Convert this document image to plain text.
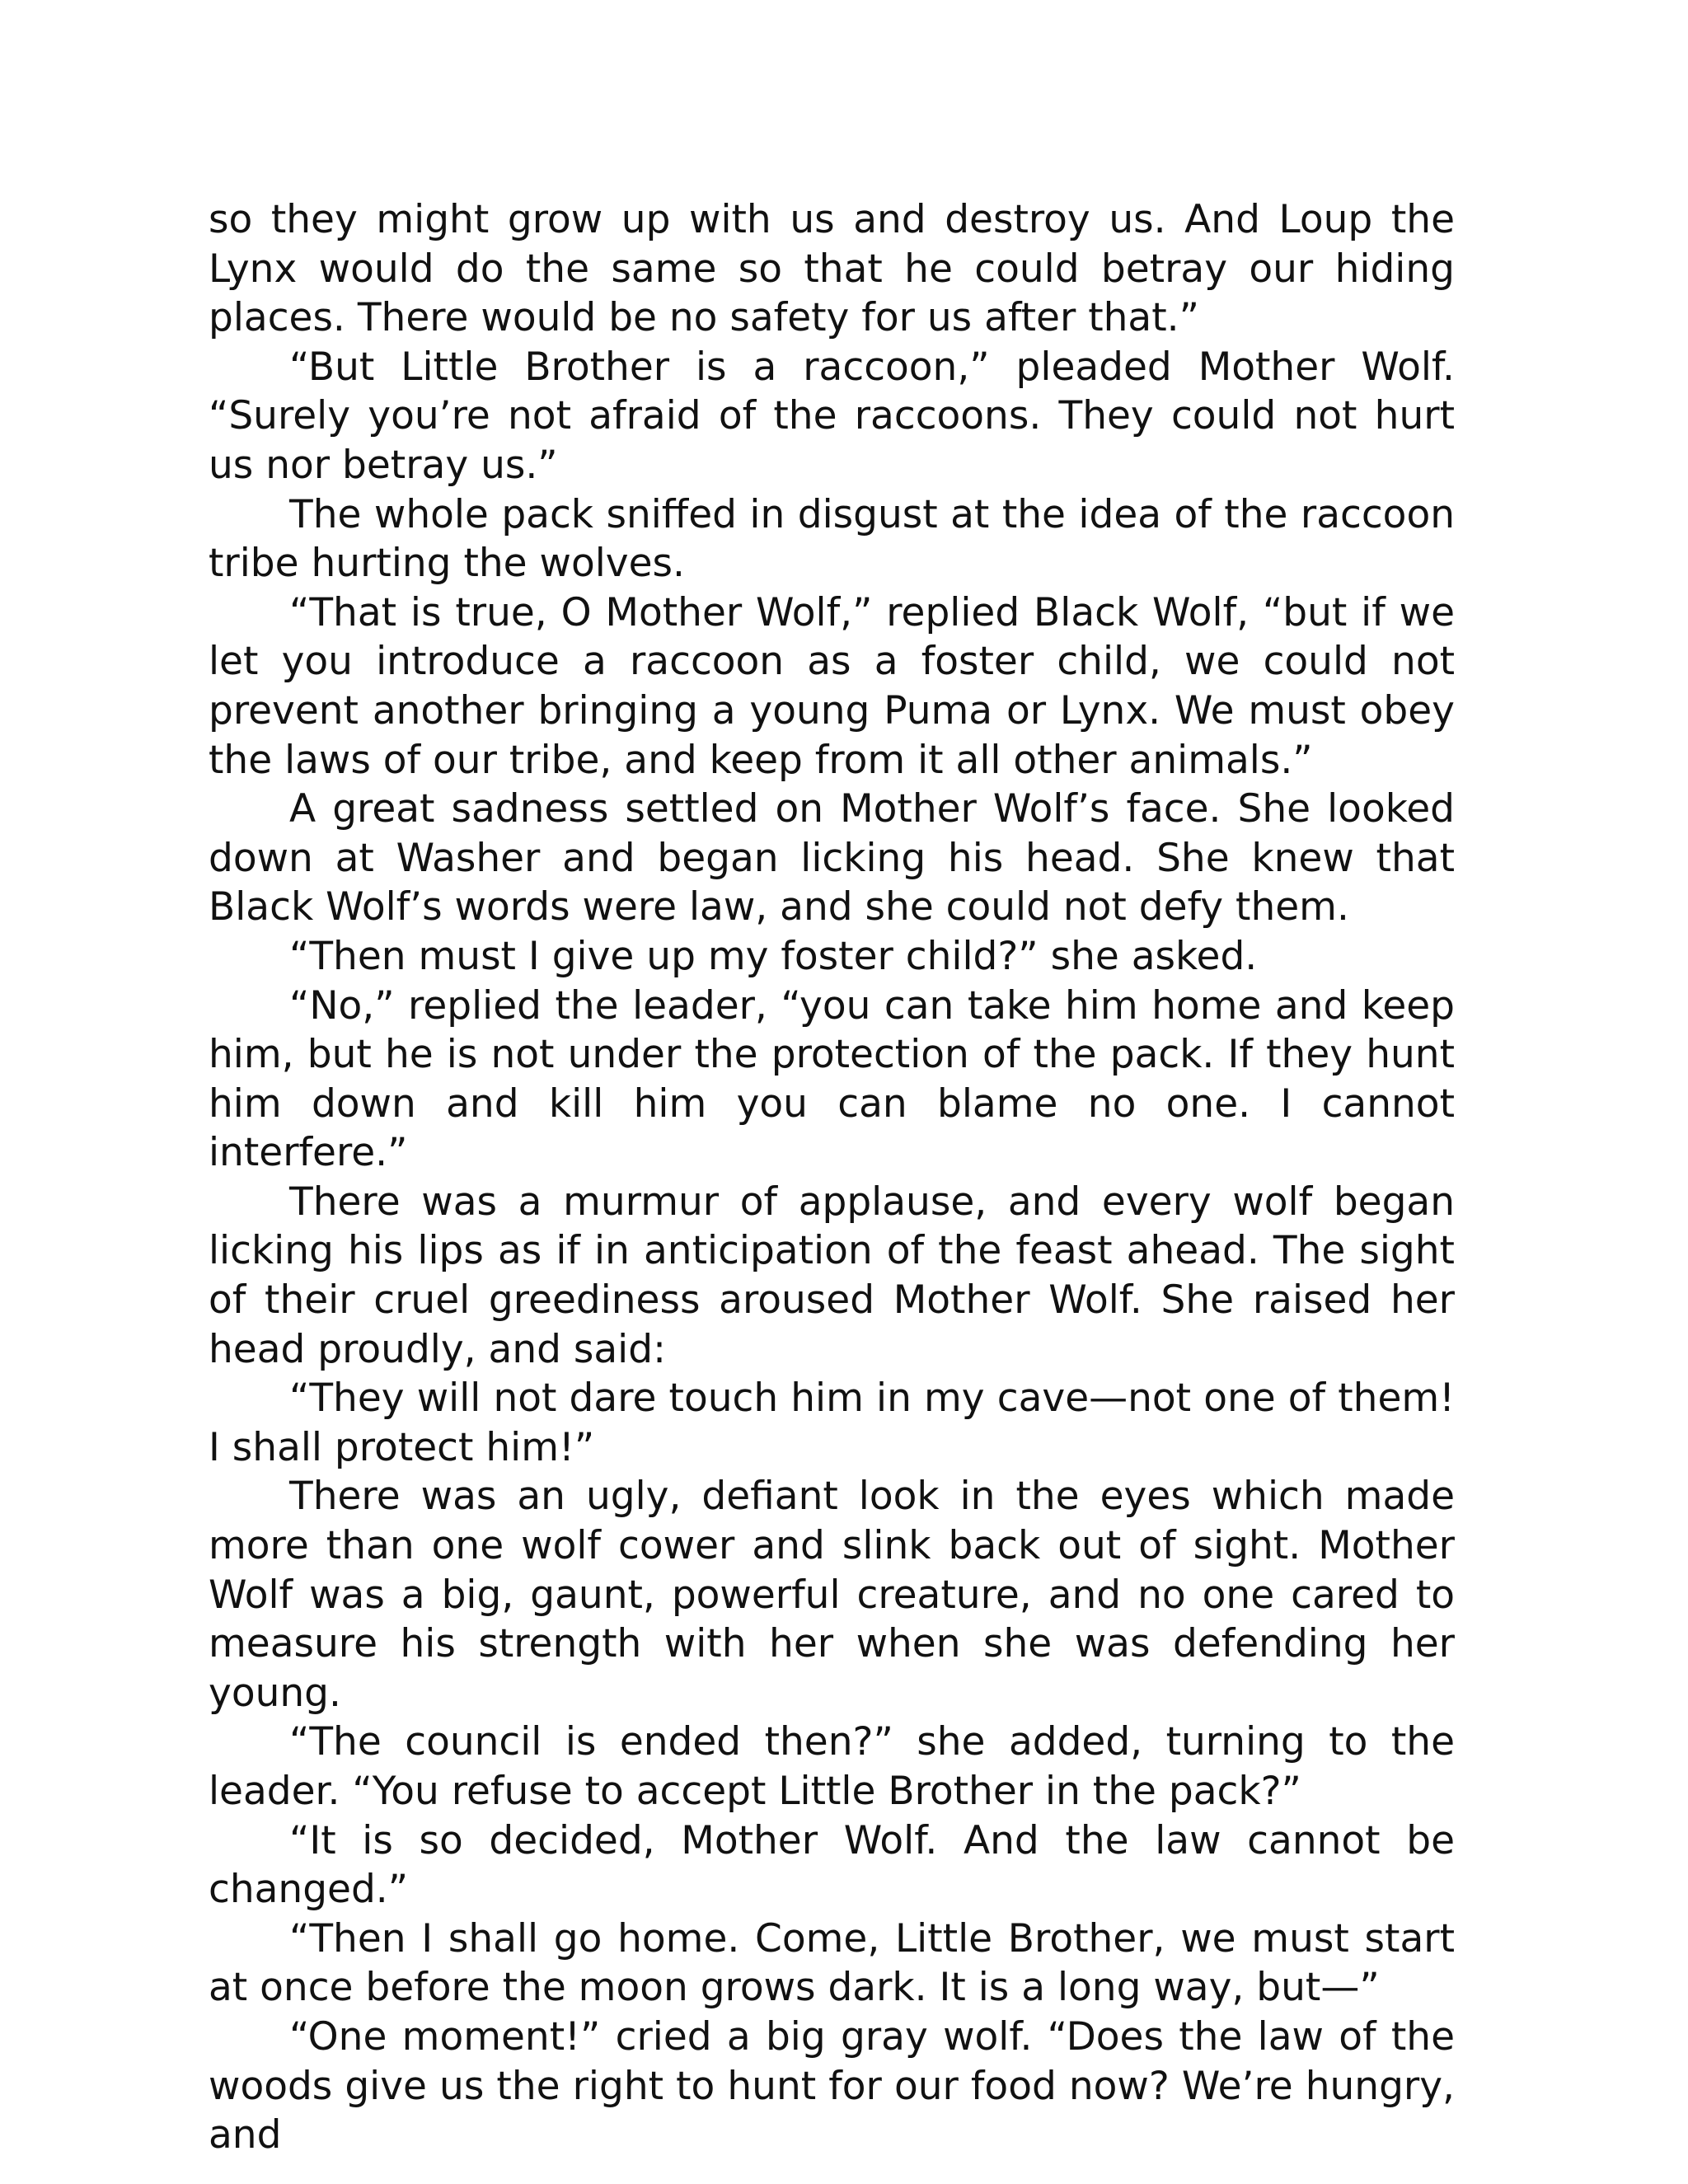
so they might grow up with us and destroy us. And Loup the Lynx would do the same so that he could betray our hiding places. There would be no safety for us after that.”

“But Little Brother is a raccoon,” pleaded Mother Wolf. “Surely you’re not afraid of the raccoons. They could not hurt us nor betray us.”

The whole pack sniffed in disgust at the idea of the raccoon tribe hurting the wolves.

“That is true, O Mother Wolf,” replied Black Wolf, “but if we let you introduce a raccoon as a foster child, we could not prevent another bringing a young Puma or Lynx. We must obey the laws of our tribe, and keep from it all other animals.”

A great sadness settled on Mother Wolf’s face. She looked down at Washer and began licking his head. She knew that Black Wolf’s words were law, and she could not defy them.

“Then must I give up my foster child?” she asked.

“No,” replied the leader, “you can take him home and keep him, but he is not under the protection of the pack. If they hunt him down and kill him you can blame no one. I cannot interfere.”

There was a murmur of applause, and every wolf began licking his lips as if in anticipation of the feast ahead. The sight of their cruel greediness aroused Mother Wolf. She raised her head proudly, and said:

“They will not dare touch him in my cave—not one of them! I shall protect him!”

There was an ugly, defiant look in the eyes which made more than one wolf cower and slink back out of sight. Mother Wolf was a big, gaunt, powerful creature, and no one cared to measure his strength with her when she was defending her young.

“The council is ended then?” she added, turning to the leader. “You refuse to accept Little Brother in the pack?”

“It is so decided, Mother Wolf. And the law cannot be changed.”

“Then I shall go home. Come, Little Brother, we must start at once before the moon grows dark. It is a long way, but—”

“One moment!” cried a big gray wolf. “Does the law of the woods give us the right to hunt for our food now? We’re hungry, and
